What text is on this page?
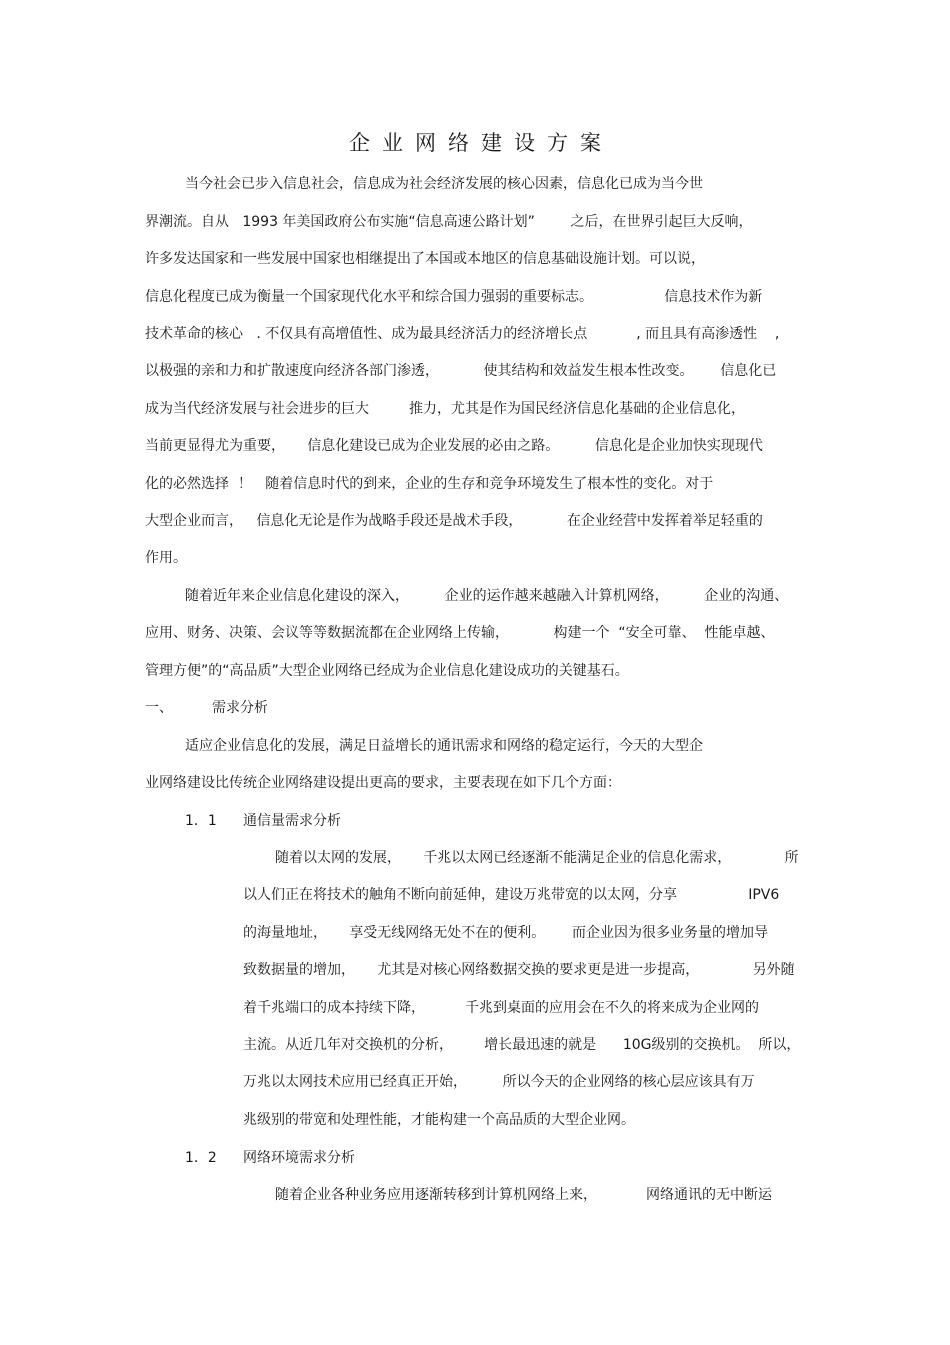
企业网络建设方案
当今社会已步入信息社会，信息成为社会经济发展的核心因素，信息化已成为当今世
界潮流。自从   1993 年美国政府公布实施“信息高速公路计划”        之后，在世界引起巨大反响，
许多发达国家和一些发展中国家也相继提出了本国或本地区的信息基础设施计划。可以说，
信息化程度已成为衡量一个国家现代化水平和综合国力强弱的重要标志。                信息技术作为新
技术革命的核心   . 不仅具有高增值性、成为最具经济活力的经济增长点           , 而且具有高渗透性    ,
以极强的亲和力和扩散速度向经济各部门渗透，          使其结构和效益发生根本性改变。      信息化已
成为当代经济发展与社会进步的巨大         推力，尤其是作为国民经济信息化基础的企业信息化，
当前更显得尤为重要，     信息化建设已成为企业发展的必由之路。        信息化是企业加快实现现代
化的必然选择  ！   随着信息时代的到来，企业的生存和竞争环境发生了根本性的变化。对于
大型企业而言，   信息化无论是作为战略手段还是战术手段，          在企业经营中发挥着举足轻重的
作用。
随着近年来企业信息化建设的深入，        企业的运作越来越融入计算机网络，        企业的沟通、
应用、财务、决策、会议等等数据流都在企业网络上传输，          构建一个  “安全可靠、  性能卓越、
管理方便”的“高品质”大型企业网络已经成为企业信息化建设成功的关键基石。
一、	需求分析
适应企业信息化的发展，满足日益增长的通讯需求和网络的稳定运行，今天的大型企
业网络建设比传统企业网络建设提出更高的要求，主要表现在如下几个方面：
1．1 通信量需求分析
随着以太网的发展，     千兆以太网已经逐渐不能满足企业的信息化需求，            所
以人们正在将技术的触角不断向前延伸，建设万兆带宽的以太网，分享                IPV6
的海量地址，     享受无线网络无处不在的便利。      而企业因为很多业务量的增加导
致数据量的增加，     尤其是对核心网络数据交换的要求更是进一步提高，            另外随
着千兆端口的成本持续下降，         千兆到桌面的应用会在不久的将来成为企业网的
主流。从近几年对交换机的分析，       增长最迅速的就是      10G级别的交换机。  所以，
万兆以太网技术应用已经真正开始，        所以今天的企业网络的核心层应该具有万
兆级别的带宽和处理性能，才能构建一个高品质的大型企业网。
1．2 网络环境需求分析
随着企业各种业务应用逐渐转移到计算机网络上来，           网络通讯的无中断运
